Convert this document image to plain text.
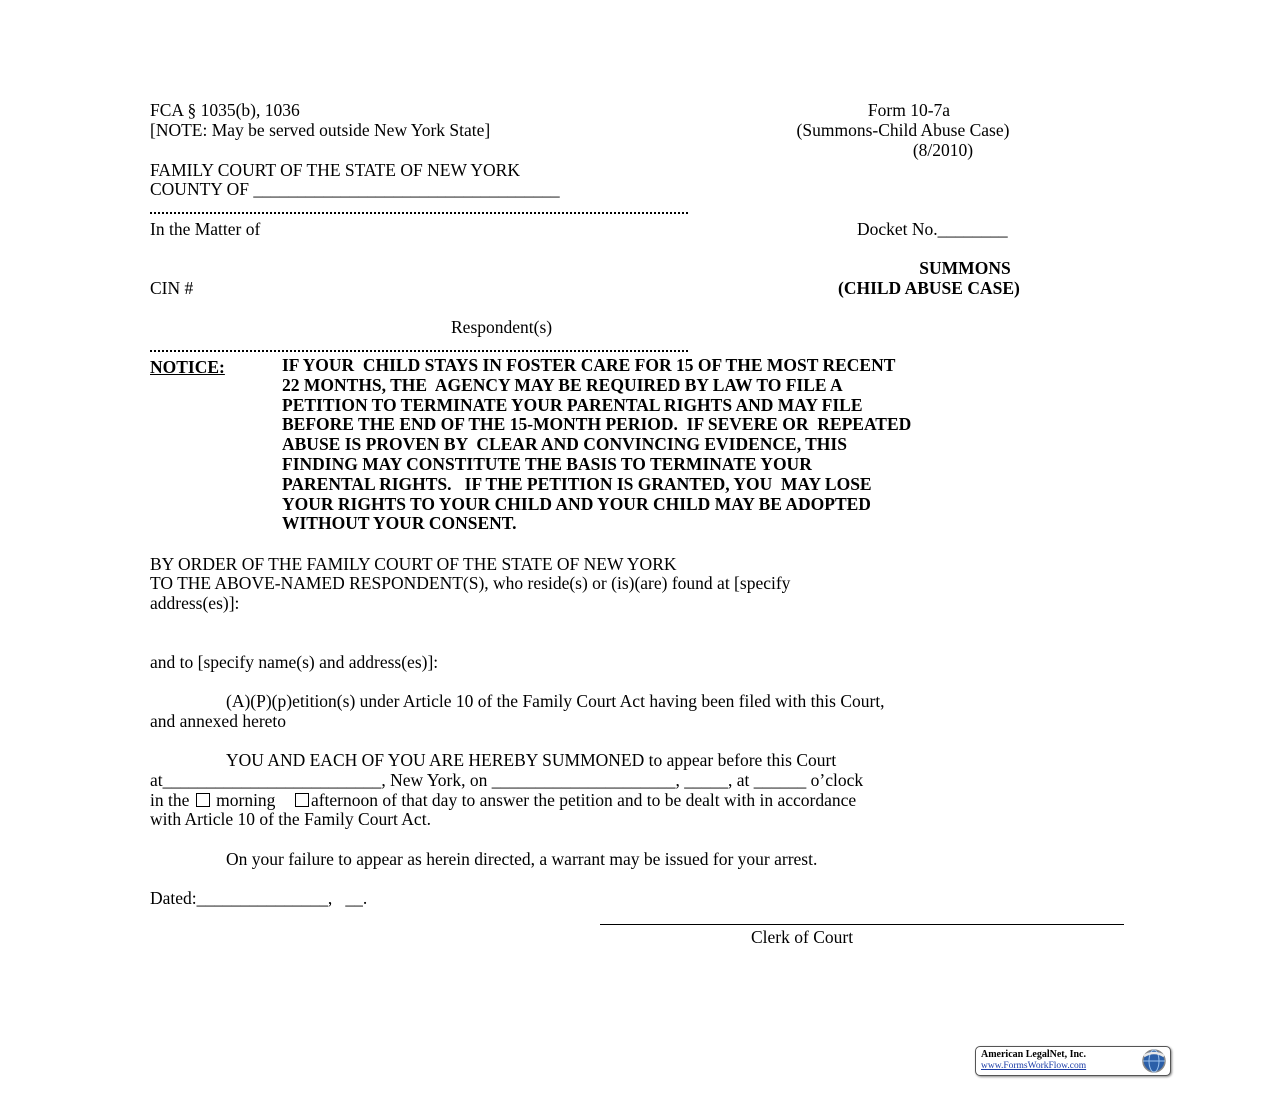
FCA § 1035(b), 1036
[NOTE: May be served outside New York State]
Form 10-7a
(Summons-Child Abuse Case)
(8/2010)
FAMILY COURT OF THE STATE OF NEW YORK
COUNTY OF ___________________________________
In the Matter of	Docket No.________
SUMMONS
CIN #	(CHILD ABUSE CASE)
Respondent(s)
NOTICE:	IF YOUR  CHILD STAYS IN FOSTER CARE FOR 15 OF THE MOST RECENT
22 MONTHS, THE  AGENCY MAY BE REQUIRED BY LAW TO FILE A
PETITION TO TERMINATE YOUR PARENTAL RIGHTS AND MAY FILE
BEFORE THE END OF THE 15-MONTH PERIOD.  IF SEVERE OR  REPEATED
ABUSE IS PROVEN BY  CLEAR AND CONVINCING EVIDENCE, THIS
FINDING MAY CONSTITUTE THE BASIS TO TERMINATE YOUR
PARENTAL RIGHTS.   IF THE PETITION IS GRANTED, YOU  MAY LOSE
YOUR RIGHTS TO YOUR CHILD AND YOUR CHILD MAY BE ADOPTED
WITHOUT YOUR CONSENT.
BY ORDER OF THE FAMILY COURT OF THE STATE OF NEW YORK
TO THE ABOVE-NAMED RESPONDENT(S), who reside(s) or (is)(are) found at [specify
address(es)]:
and to [specify name(s) and address(es)]:
(A)(P)(p)etition(s) under Article 10 of the Family Court Act having been filed with this Court,
and annexed hereto
YOU AND EACH OF YOU ARE HEREBY SUMMONED to appear before this Court
at_________________________, New York, on _____________________, _____, at ______ o’clock
in the  morning afternoon of that day to answer the petition and to be dealt with in accordance
with Article 10 of the Family Court Act.
On your failure to appear as herein directed, a warrant may be issued for your arrest.
Dated:_______________,   __.
Clerk of Court
American LegalNet, Inc.
www.FormsWorkFlow.com
